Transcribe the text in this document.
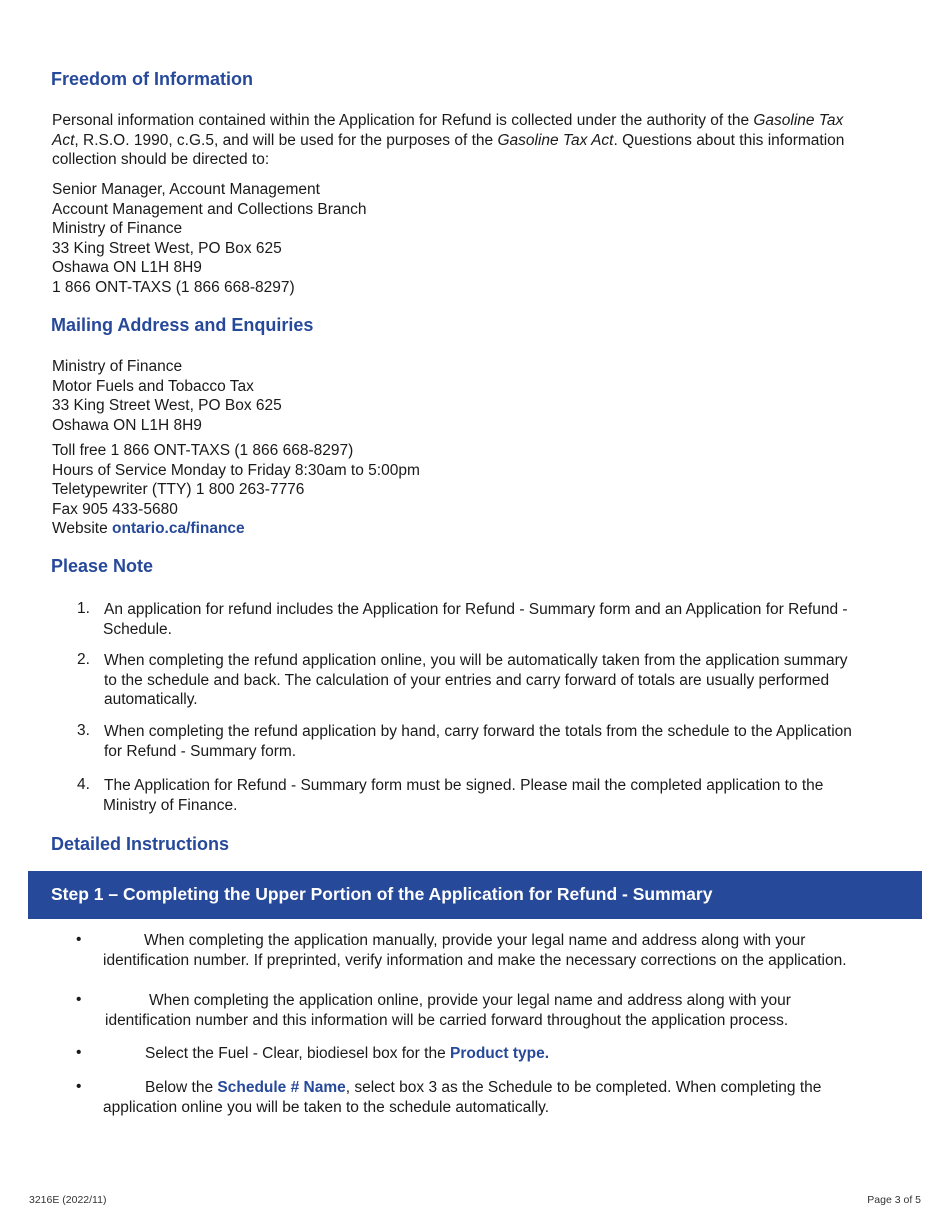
Freedom of Information
Personal information contained within the Application for Refund is collected under the authority of the Gasoline Tax
Act, R.S.O. 1990, c.G.5, and will be used for the purposes of the Gasoline Tax Act. Questions about this information
collection should be directed to:
Senior Manager, Account Management
Account Management and Collections Branch
Ministry of Finance
33 King Street West, PO Box 625
Oshawa ON L1H 8H9
1 866 ONT-TAXS (1 866 668-8297)
Mailing Address and Enquiries
Ministry of Finance
Motor Fuels and Tobacco Tax
33 King Street West, PO Box 625
Oshawa ON L1H 8H9
Toll free 1 866 ONT-TAXS (1 866 668-8297)
Hours of Service Monday to Friday 8:30am to 5:00pm
Teletypewriter (TTY) 1 800 263-7776
Fax 905 433-5680
Website ontario.ca/finance
Please Note
1. An application for refund includes the Application for Refund - Summary form and an Application for Refund -
Schedule.
2. When completing the refund application online, you will be automatically taken from the application summary
to the schedule and back. The calculation of your entries and carry forward of totals are usually performed
automatically.
3. When completing the refund application by hand, carry forward the totals from the schedule to the Application
for Refund - Summary form.
4. The Application for Refund - Summary form must be signed. Please mail the completed application to the
Ministry of Finance.
Detailed Instructions
Step 1 – Completing the Upper Portion of the Application for Refund - Summary
•	When completing the application manually, provide your legal name and address along with your
identification number. If preprinted, verify information and make the necessary corrections on the application.
•	When completing the application online, provide your legal name and address along with your
identification number and this information will be carried forward throughout the application process.
•	Select the Fuel - Clear, biodiesel box for the Product type.
•	Below the Schedule # Name, select box 3 as the Schedule to be completed. When completing the
application online you will be taken to the schedule automatically.
3216E (2022/11)	Page 3 of 5
